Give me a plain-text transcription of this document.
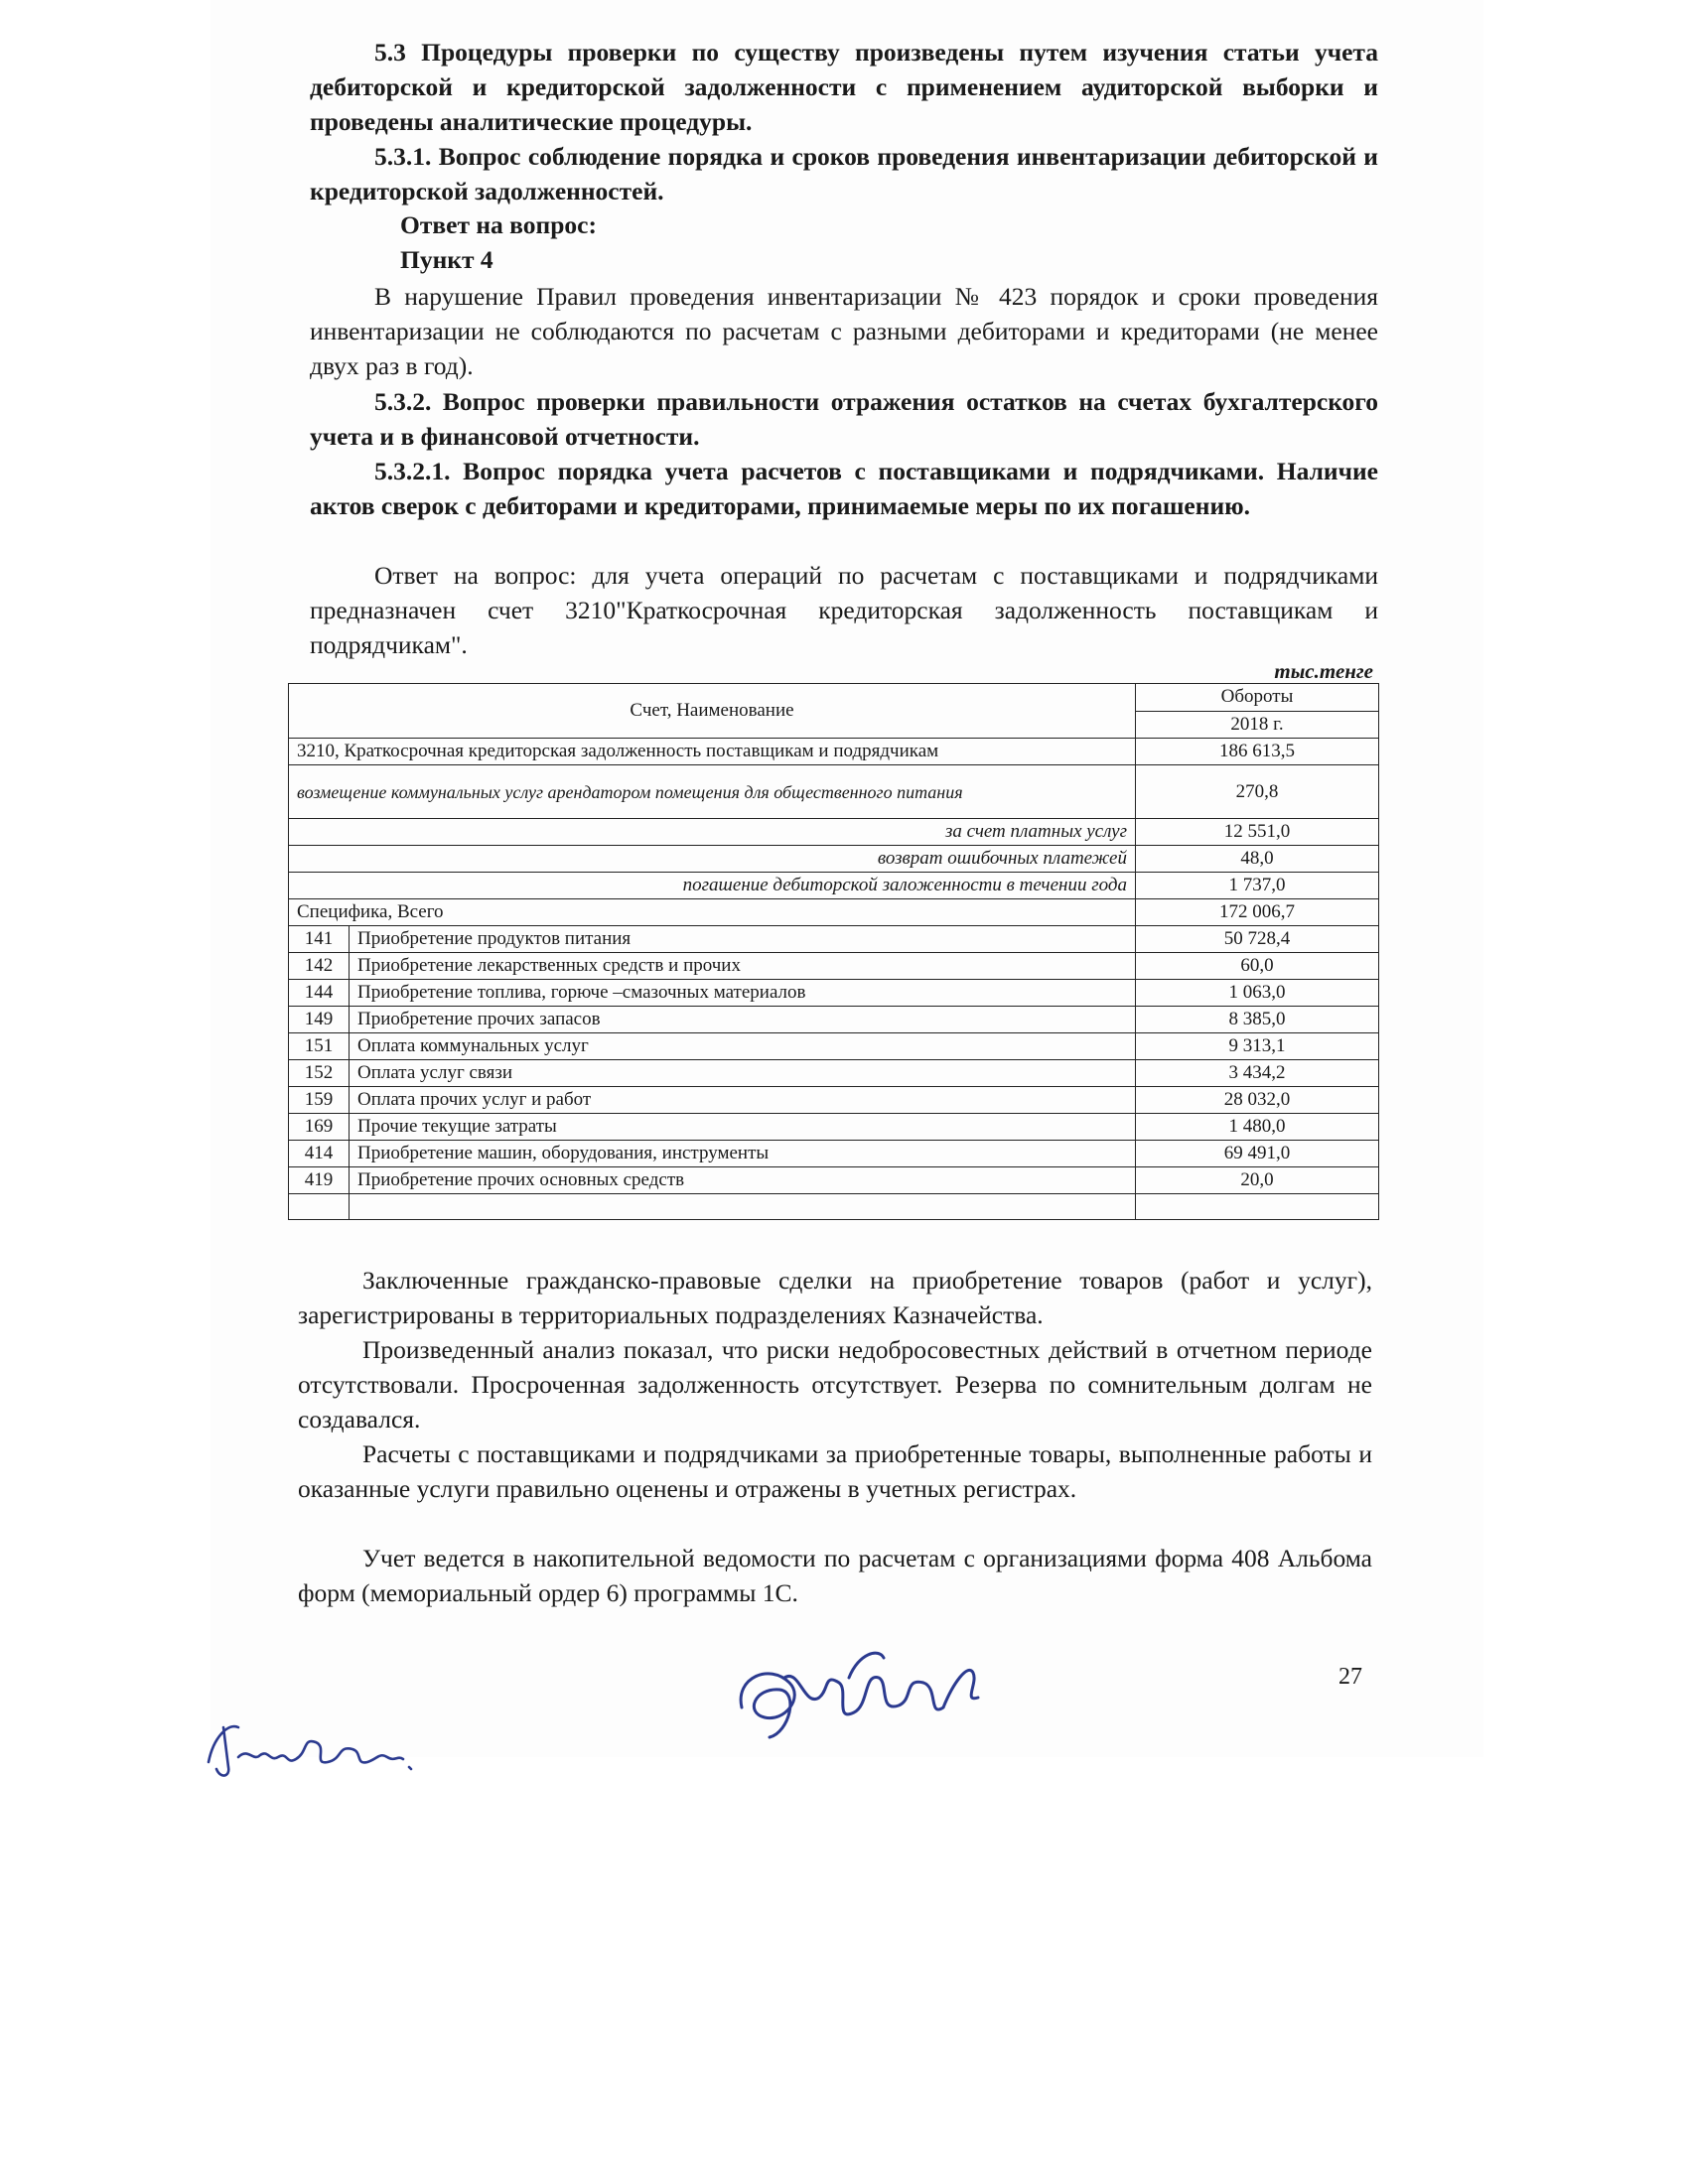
5.3 Процедуры проверки по существу произведены путем изучения статьи учета дебиторской и кредиторской задолженности с применением аудиторской выборки и проведены аналитические процедуры.

5.3.1. Вопрос соблюдение порядка и сроков проведения инвентаризации дебиторской и кредиторской задолженностей.

Ответ на вопрос:

Пункт 4

В нарушение Правил проведения инвентаризации № 423 порядок и сроки проведения инвентаризации не соблюдаются по расчетам с разными дебиторами и кредиторами (не менее двух раз в год).

5.3.2. Вопрос проверки правильности отражения остатков на счетах бухгалтерского учета и в финансовой отчетности.

5.3.2.1. Вопрос порядка учета расчетов с поставщиками и подрядчиками. Наличие актов сверок с дебиторами и кредиторами, принимаемые меры по их погашению.

Ответ на вопрос: для учета операций по расчетам с поставщиками и подрядчиками предназначен счет 3210"Краткосрочная кредиторская задолженность поставщикам и подрядчикам".

тыс.тенге
Счет, Наименование		Обороты
		2018 г.
3210, Краткосрочная кредиторская задолженность поставщикам и подрядчикам		186 613,5
возмещение коммунальных услуг арендатором помещения для общественного питания		270,8
за счет платных услуг		12 551,0
возврат ошибочных платежей		48,0
погашение дебиторской заложенности в течении года		1 737,0
Специфика, Всего		172 006,7
141	Приобретение продуктов питания	50 728,4
142	Приобретение лекарственных средств и прочих	60,0
144	Приобретение топлива, горюче –смазочных материалов	1 063,0
149	Приобретение прочих запасов	8 385,0
151	Оплата коммунальных услуг	9 313,1
152	Оплата услуг связи	3 434,2
159	Оплата прочих услуг и работ	28 032,0
169	Прочие текущие затраты	1 480,0
414	Приобретение машин, оборудования, инструменты	69 491,0
419	Приобретение прочих основных средств	20,0

Заключенные гражданско-правовые сделки на приобретение товаров (работ и услуг), зарегистрированы в территориальных подразделениях Казначейства.

Произведенный анализ показал, что риски недобросовестных действий в отчетном периоде отсутствовали. Просроченная задолженность отсутствует. Резерва по сомнительным долгам не создавался.

Расчеты с поставщиками и подрядчиками за приобретенные товары, выполненные работы и оказанные услуги правильно оценены и отражены в учетных регистрах.

Учет ведется в накопительной ведомости по расчетам с организациями форма 408 Альбома форм (мемориальный ордер 6) программы 1С.

27
